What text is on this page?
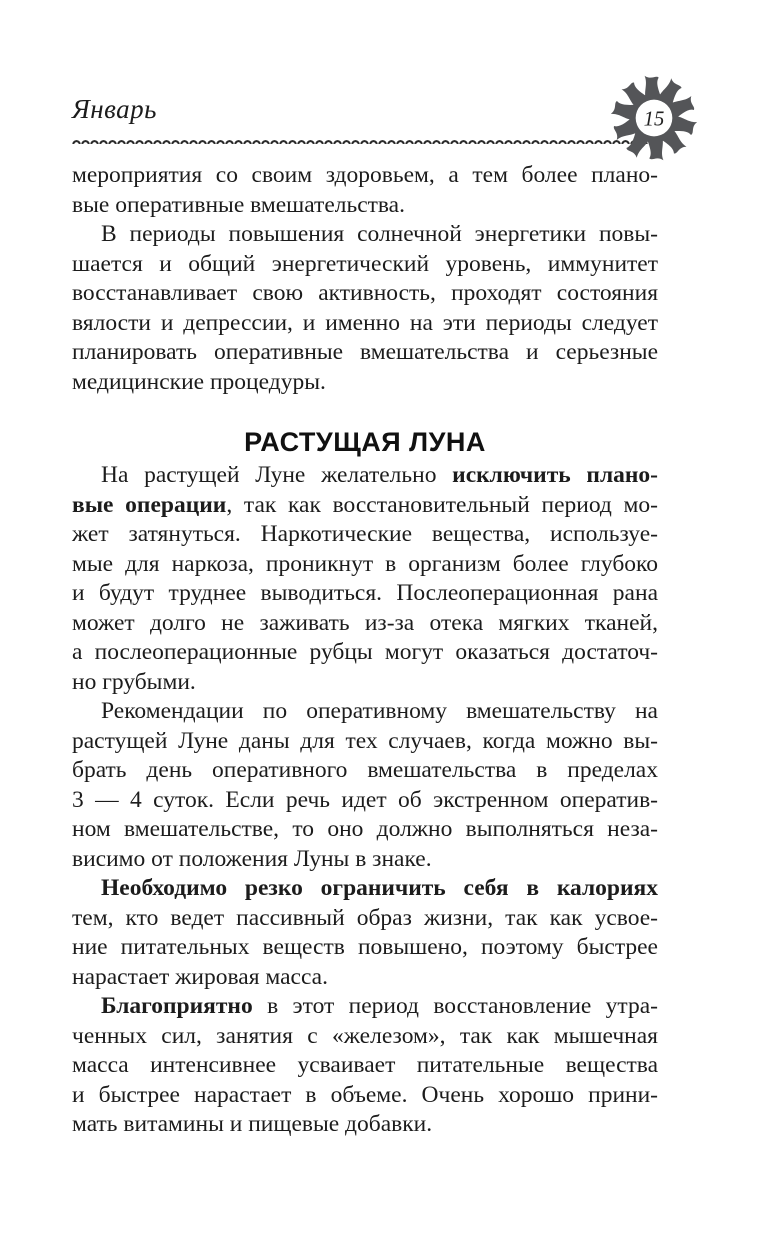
Январь	15
мероприятия со своим здоровьем, а тем более плано-
вые оперативные вмешательства.
В периоды повышения солнечной энергетики повы-
шается и общий энергетический уровень, иммунитет
восстанавливает свою активность, проходят состояния
вялости и депрессии, и именно на эти периоды следует
планировать оперативные вмешательства и серьезные
медицинские процедуры.
РАСТУЩАЯ ЛУНА
На растущей Луне желательно исключить плано-
вые операции, так как восстановительный период мо-
жет затянуться. Наркотические вещества, используе-
мые для наркоза, проникнут в организм более глубоко
и будут труднее выводиться. Послеоперационная рана
может долго не заживать из-за отека мягких тканей,
а послеоперационные рубцы могут оказаться достаточ-
но грубыми.
Рекомендации по оперативному вмешательству на
растущей Луне даны для тех случаев, когда можно вы-
брать день оперативного вмешательства в пределах
3 — 4 суток. Если речь идет об экстренном оператив-
ном вмешательстве, то оно должно выполняться неза-
висимо от положения Луны в знаке.
Необходимо резко ограничить себя в калориях
тем, кто ведет пассивный образ жизни, так как усвое-
ние питательных веществ повышено, поэтому быстрее
нарастает жировая масса.
Благоприятно в этот период восстановление утра-
ченных сил, занятия с «железом», так как мышечная
масса интенсивнее усваивает питательные вещества
и быстрее нарастает в объеме. Очень хорошо прини-
мать витамины и пищевые добавки.
